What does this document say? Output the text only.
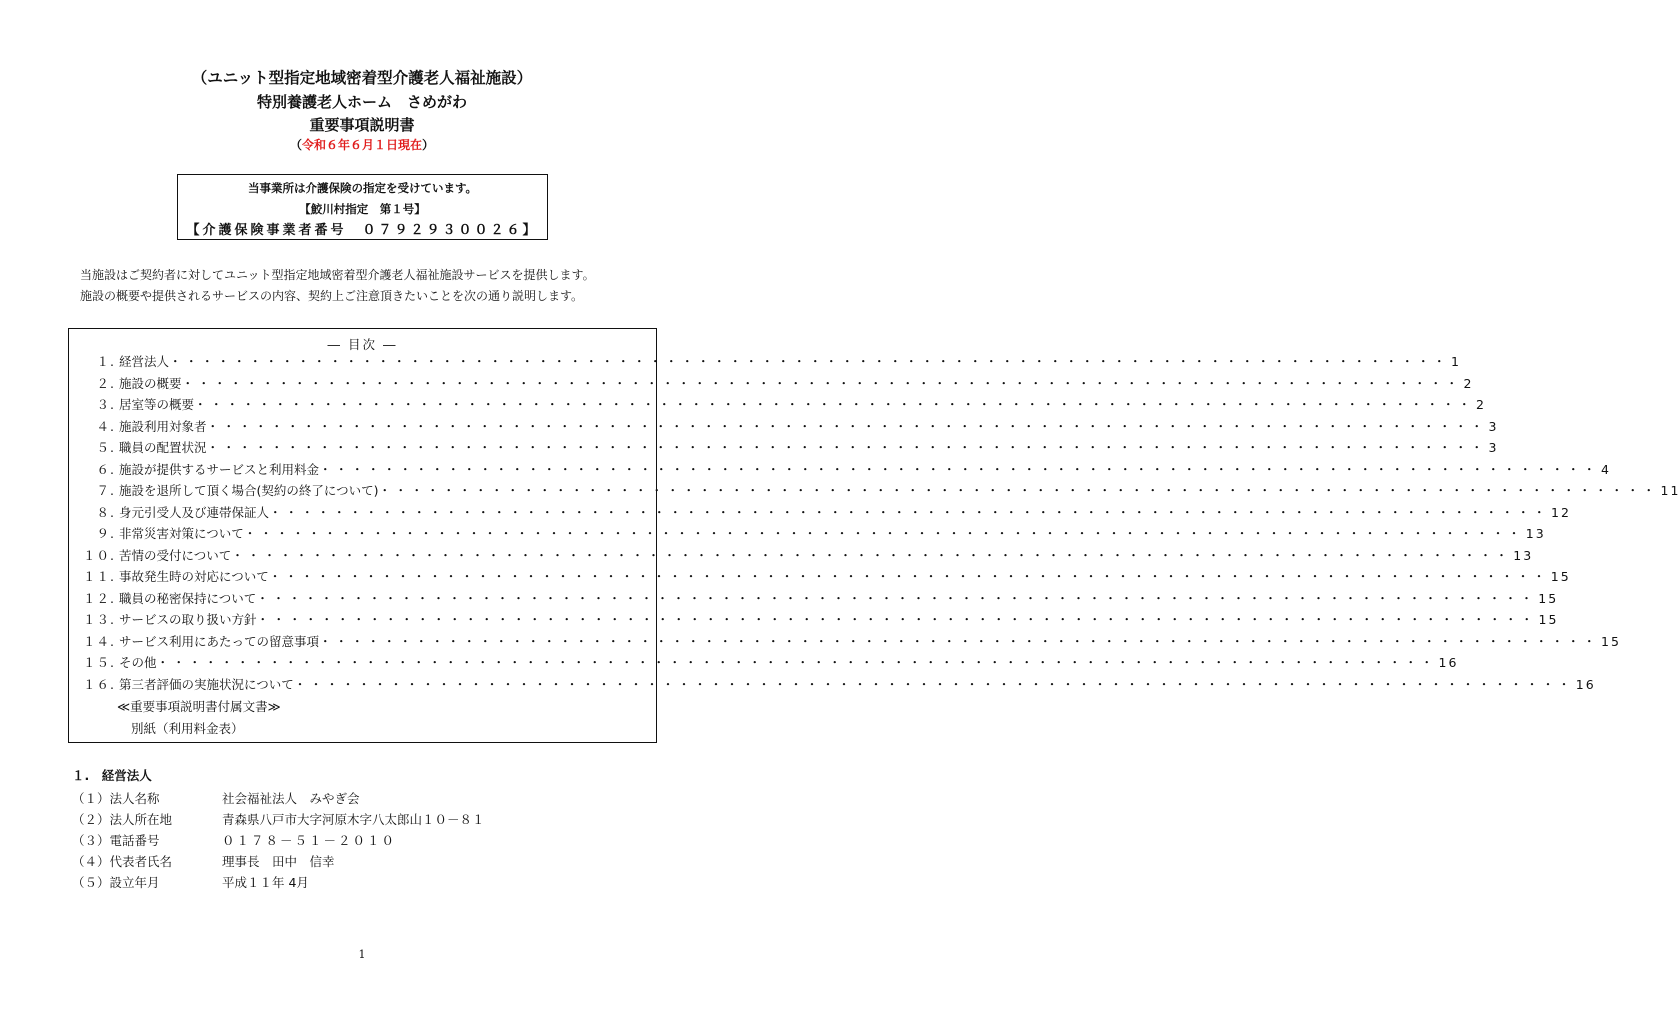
（ユニット型指定地域密着型介護老人福祉施設）
特別養護老人ホーム　さめがわ
重要事項説明書
（令和６年６月１日現在）
当事業所は介護保険の指定を受けています。
【鮫川村指定　第１号】
【介護保険事業者番号　０７９２９３００２６】
当施設はご契約者に対してユニット型指定地域密着型介護老人福祉施設サービスを提供します。
施設の概要や提供されるサービスの内容、契約上ご注意頂きたいことを次の通り説明します。
― 目次 ―
１. 経営法人 ・・・・・・・・・・・・・・・・・・・・・・・・・・・・・・・・・・・・・・・・・・・・・・・・・・・・・・・・・・・・・・・・・・・・・・・・・・・・・・・・ 1
２. 施設の概要 ・・・・・・・・・・・・・・・・・・・・・・・・・・・・・・・・・・・・・・・・・・・・・・・・・・・・・・・・・・・・・・・・・・・・・・・・・・・・・・・・ 2
３. 居室等の概要 ・・・・・・・・・・・・・・・・・・・・・・・・・・・・・・・・・・・・・・・・・・・・・・・・・・・・・・・・・・・・・・・・・・・・・・・・・・・・・・・・ 2
４. 施設利用対象者 ・・・・・・・・・・・・・・・・・・・・・・・・・・・・・・・・・・・・・・・・・・・・・・・・・・・・・・・・・・・・・・・・・・・・・・・・・・・・・・・・ 3
５. 職員の配置状況 ・・・・・・・・・・・・・・・・・・・・・・・・・・・・・・・・・・・・・・・・・・・・・・・・・・・・・・・・・・・・・・・・・・・・・・・・・・・・・・・・ 3
６. 施設が提供するサービスと利用料金 ・・・・・・・・・・・・・・・・・・・・・・・・・・・・・・・・・・・・・・・・・・・・・・・・・・・・・・・・・・・・・・・・・・・・・・・・・・・・・・・・ 4
７. 施設を退所して頂く場合(契約の終了について) ・・・・・・・・・・・・・・・・・・・・・・・・・・・・・・・・・・・・・・・・・・・・・・・・・・・・・・・・・・・・・・・・・・・・・・・・・・・・・・・・ 11
８. 身元引受人及び連帯保証人 ・・・・・・・・・・・・・・・・・・・・・・・・・・・・・・・・・・・・・・・・・・・・・・・・・・・・・・・・・・・・・・・・・・・・・・・・・・・・・・・・ 12
９. 非常災害対策について ・・・・・・・・・・・・・・・・・・・・・・・・・・・・・・・・・・・・・・・・・・・・・・・・・・・・・・・・・・・・・・・・・・・・・・・・・・・・・・・・ 13
１０. 苦情の受付について ・・・・・・・・・・・・・・・・・・・・・・・・・・・・・・・・・・・・・・・・・・・・・・・・・・・・・・・・・・・・・・・・・・・・・・・・・・・・・・・・ 13
１１. 事故発生時の対応について ・・・・・・・・・・・・・・・・・・・・・・・・・・・・・・・・・・・・・・・・・・・・・・・・・・・・・・・・・・・・・・・・・・・・・・・・・・・・・・・・ 15
１２. 職員の秘密保持について ・・・・・・・・・・・・・・・・・・・・・・・・・・・・・・・・・・・・・・・・・・・・・・・・・・・・・・・・・・・・・・・・・・・・・・・・・・・・・・・・ 15
１３. サービスの取り扱い方針 ・・・・・・・・・・・・・・・・・・・・・・・・・・・・・・・・・・・・・・・・・・・・・・・・・・・・・・・・・・・・・・・・・・・・・・・・・・・・・・・・ 15
１４. サービス利用にあたっての留意事項 ・・・・・・・・・・・・・・・・・・・・・・・・・・・・・・・・・・・・・・・・・・・・・・・・・・・・・・・・・・・・・・・・・・・・・・・・・・・・・・・・ 15
１５. その他 ・・・・・・・・・・・・・・・・・・・・・・・・・・・・・・・・・・・・・・・・・・・・・・・・・・・・・・・・・・・・・・・・・・・・・・・・・・・・・・・・ 16
１６. 第三者評価の実施状況について ・・・・・・・・・・・・・・・・・・・・・・・・・・・・・・・・・・・・・・・・・・・・・・・・・・・・・・・・・・・・・・・・・・・・・・・・・・・・・・・・ 16
≪重要事項説明書付属文書≫
別紙（利用料金表）
１.　経営法人
（１）法人名称	社会福祉法人　みやぎ会
（２）法人所在地	青森県八戸市大字河原木字八太郎山１０－８１
（３）電話番号	０１７８－５１－２０１０
（４）代表者氏名	理事長　田中　信幸
（５）設立年月	平成１１年 4月
1
